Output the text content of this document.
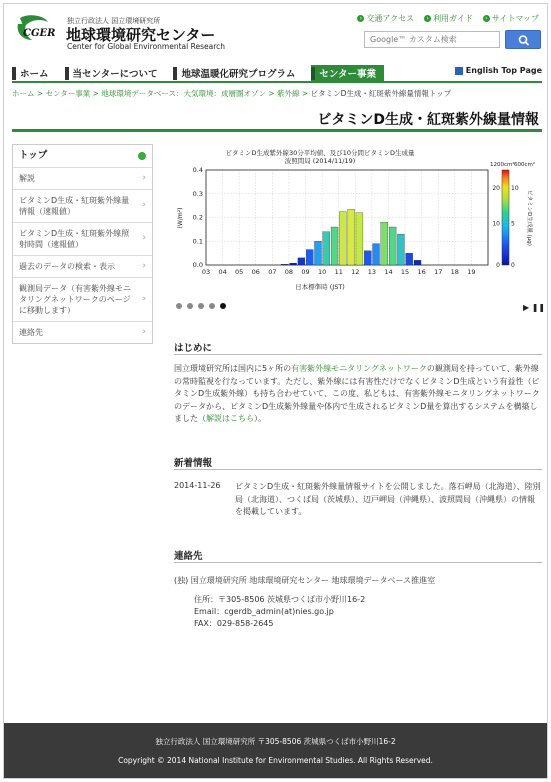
CGER
独立行政法人 国立環境研究所
地球環境研究センター
Center for Global Environmental Research
› 交通アクセス	› 利用ガイド	› サイトマップ
Google™ カスタム検索
ホーム	当センターについて	地球温暖化研究プログラム	センター事業	English Top Page
ホーム > センター事業 > 地球環境データベース：大気環境：成層圏オゾン > 紫外線 > ビタミンD生成・紅斑紫外線量情報トップ
ビタミンD生成・紅斑紫外線量情報
トップ
解説	›
ビタミンD生成・紅斑紫外線量情報（速報値）
›
ビタミンD生成・紅斑紫外線照射時間（速報値）
›
過去のデータの検索・表示	›
観測局データ（有害紫外線モニタリングネットワークのページに移動します）
›
連絡先	›
ビタミンD生成紫外線30分平均値、及び10分間ビタミンD生成量
波照間局 (2014/11/19)
0.0
0.1
0.2
0.3
0.4
03 04 05 06 07 08 09 10 11 12 13 14 15 16 17 18 19
(W/m²)
日本標準時 (JST)
1200cm² 600cm²
20
10
0
10
5
0
ビタミンD生成量 (μg)
▶ ❚❚
はじめに
国立環境研究所は国内に5ヶ所の有害紫外線モニタリングネットワークの観測局を持っていて、紫外線の常時監視を行なっています。ただし、紫外線には有害性だけでなくビタミンD生成という有益性（ビタミンD生成紫外線）も持ち合わせていて、この度、私どもは、有害紫外線モニタリングネットワークのデータから、ビタミンD生成紫外線量や体内で生成されるビタミンD量を算出するシステムを構築しました（解説はこちら）。
新着情報
2014-11-26 ビタミンD生成・紅斑紫外線量情報サイトを公開しました。落石岬局（北海道）、陸別局（北海道）、つくば局（茨城県）、辺戸岬局（沖縄県）、波照間局（沖縄県）の情報を掲載しています。
連絡先
(独) 国立環境研究所 地球環境研究センター 地球環境データベース推進室
住所：〒305-8506 茨城県つくば市小野川16-2
Email：cgerdb_admin(at)nies.go.jp
FAX：029-858-2645
独立行政法人 国立環境研究所 〒305-8506 茨城県つくば市小野川16-2
Copyright © 2014 National Institute for Environmental Studies. All Rights Reserved.
